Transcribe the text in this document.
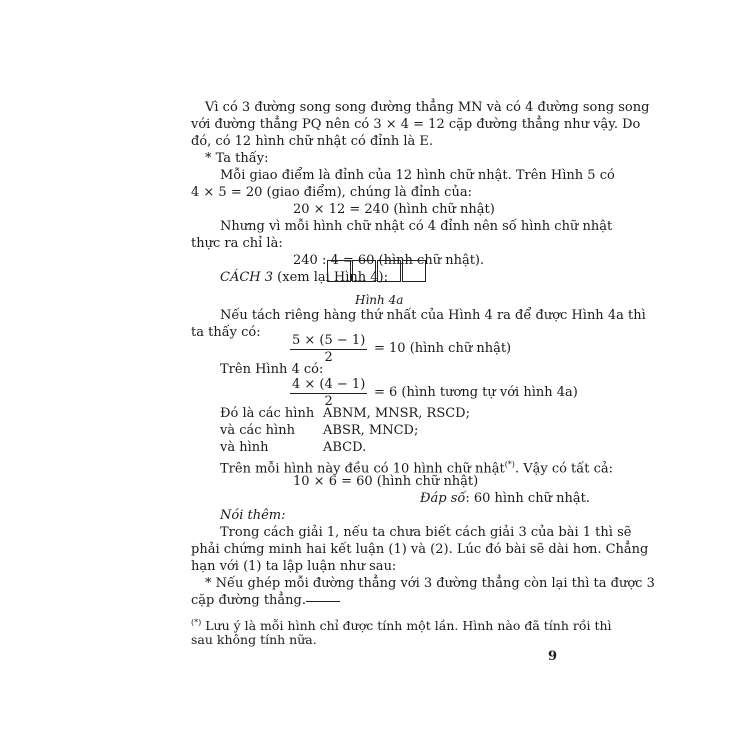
Vì có 3 đường song song đường thẳng MN và có 4 đường song song
với đường thẳng PQ nên có 3 × 4 = 12 cặp đường thẳng như vậy. Do
đó, có 12 hình chữ nhật có đỉnh là E.
* Ta thấy:
Mỗi giao điểm là đỉnh của 12 hình chữ nhật. Trên Hình 5 có
4 × 5 = 20 (giao điểm), chúng là đỉnh của:
20 × 12 = 240 (hình chữ nhật)
Nhưng vì mỗi hình chữ nhật có 4 đỉnh nên số hình chữ nhật
thực ra chỉ là:
240 : 4 = 60 (hình chữ nhật).
CÁCH 3 (xem lại Hình 4):
Hình 4a
Nếu tách riêng hàng thứ nhất của Hình 4 ra để được Hình 4a thì
ta thấy có:
$\frac{5 \times (5 - 1)}{2} = 10$ (hình chữ nhật)
Trên Hình 4 có:
$\frac{4 \times (4 - 1)}{2} = 6$ (hình tương tự với hình 4a)
Đó là các hình ABNM, MNSR, RSCD;
và các hình ABSR, MNCD;
và hình	ABCD.
Trên mỗi hình này đều có 10 hình chữ nhật(*). Vậy có tất cả:
10 × 6 = 60 (hình chữ nhật)
Đáp số: 60 hình chữ nhật.
Nói thêm:
Trong cách giải 1, nếu ta chưa biết cách giải 3 của bài 1 thì sẽ
phải chứng minh hai kết luận (1) và (2). Lúc đó bài sẽ dài hơn. Chẳng
hạn với (1) ta lập luận như sau:
* Nếu ghép mỗi đường thẳng với 3 đường thẳng còn lại thì ta được 3
cặp đường thẳng.
(*) Lưu ý là mỗi hình chỉ được tính một lần. Hình nào đã tính rồi thì
sau không tính nữa.
9
